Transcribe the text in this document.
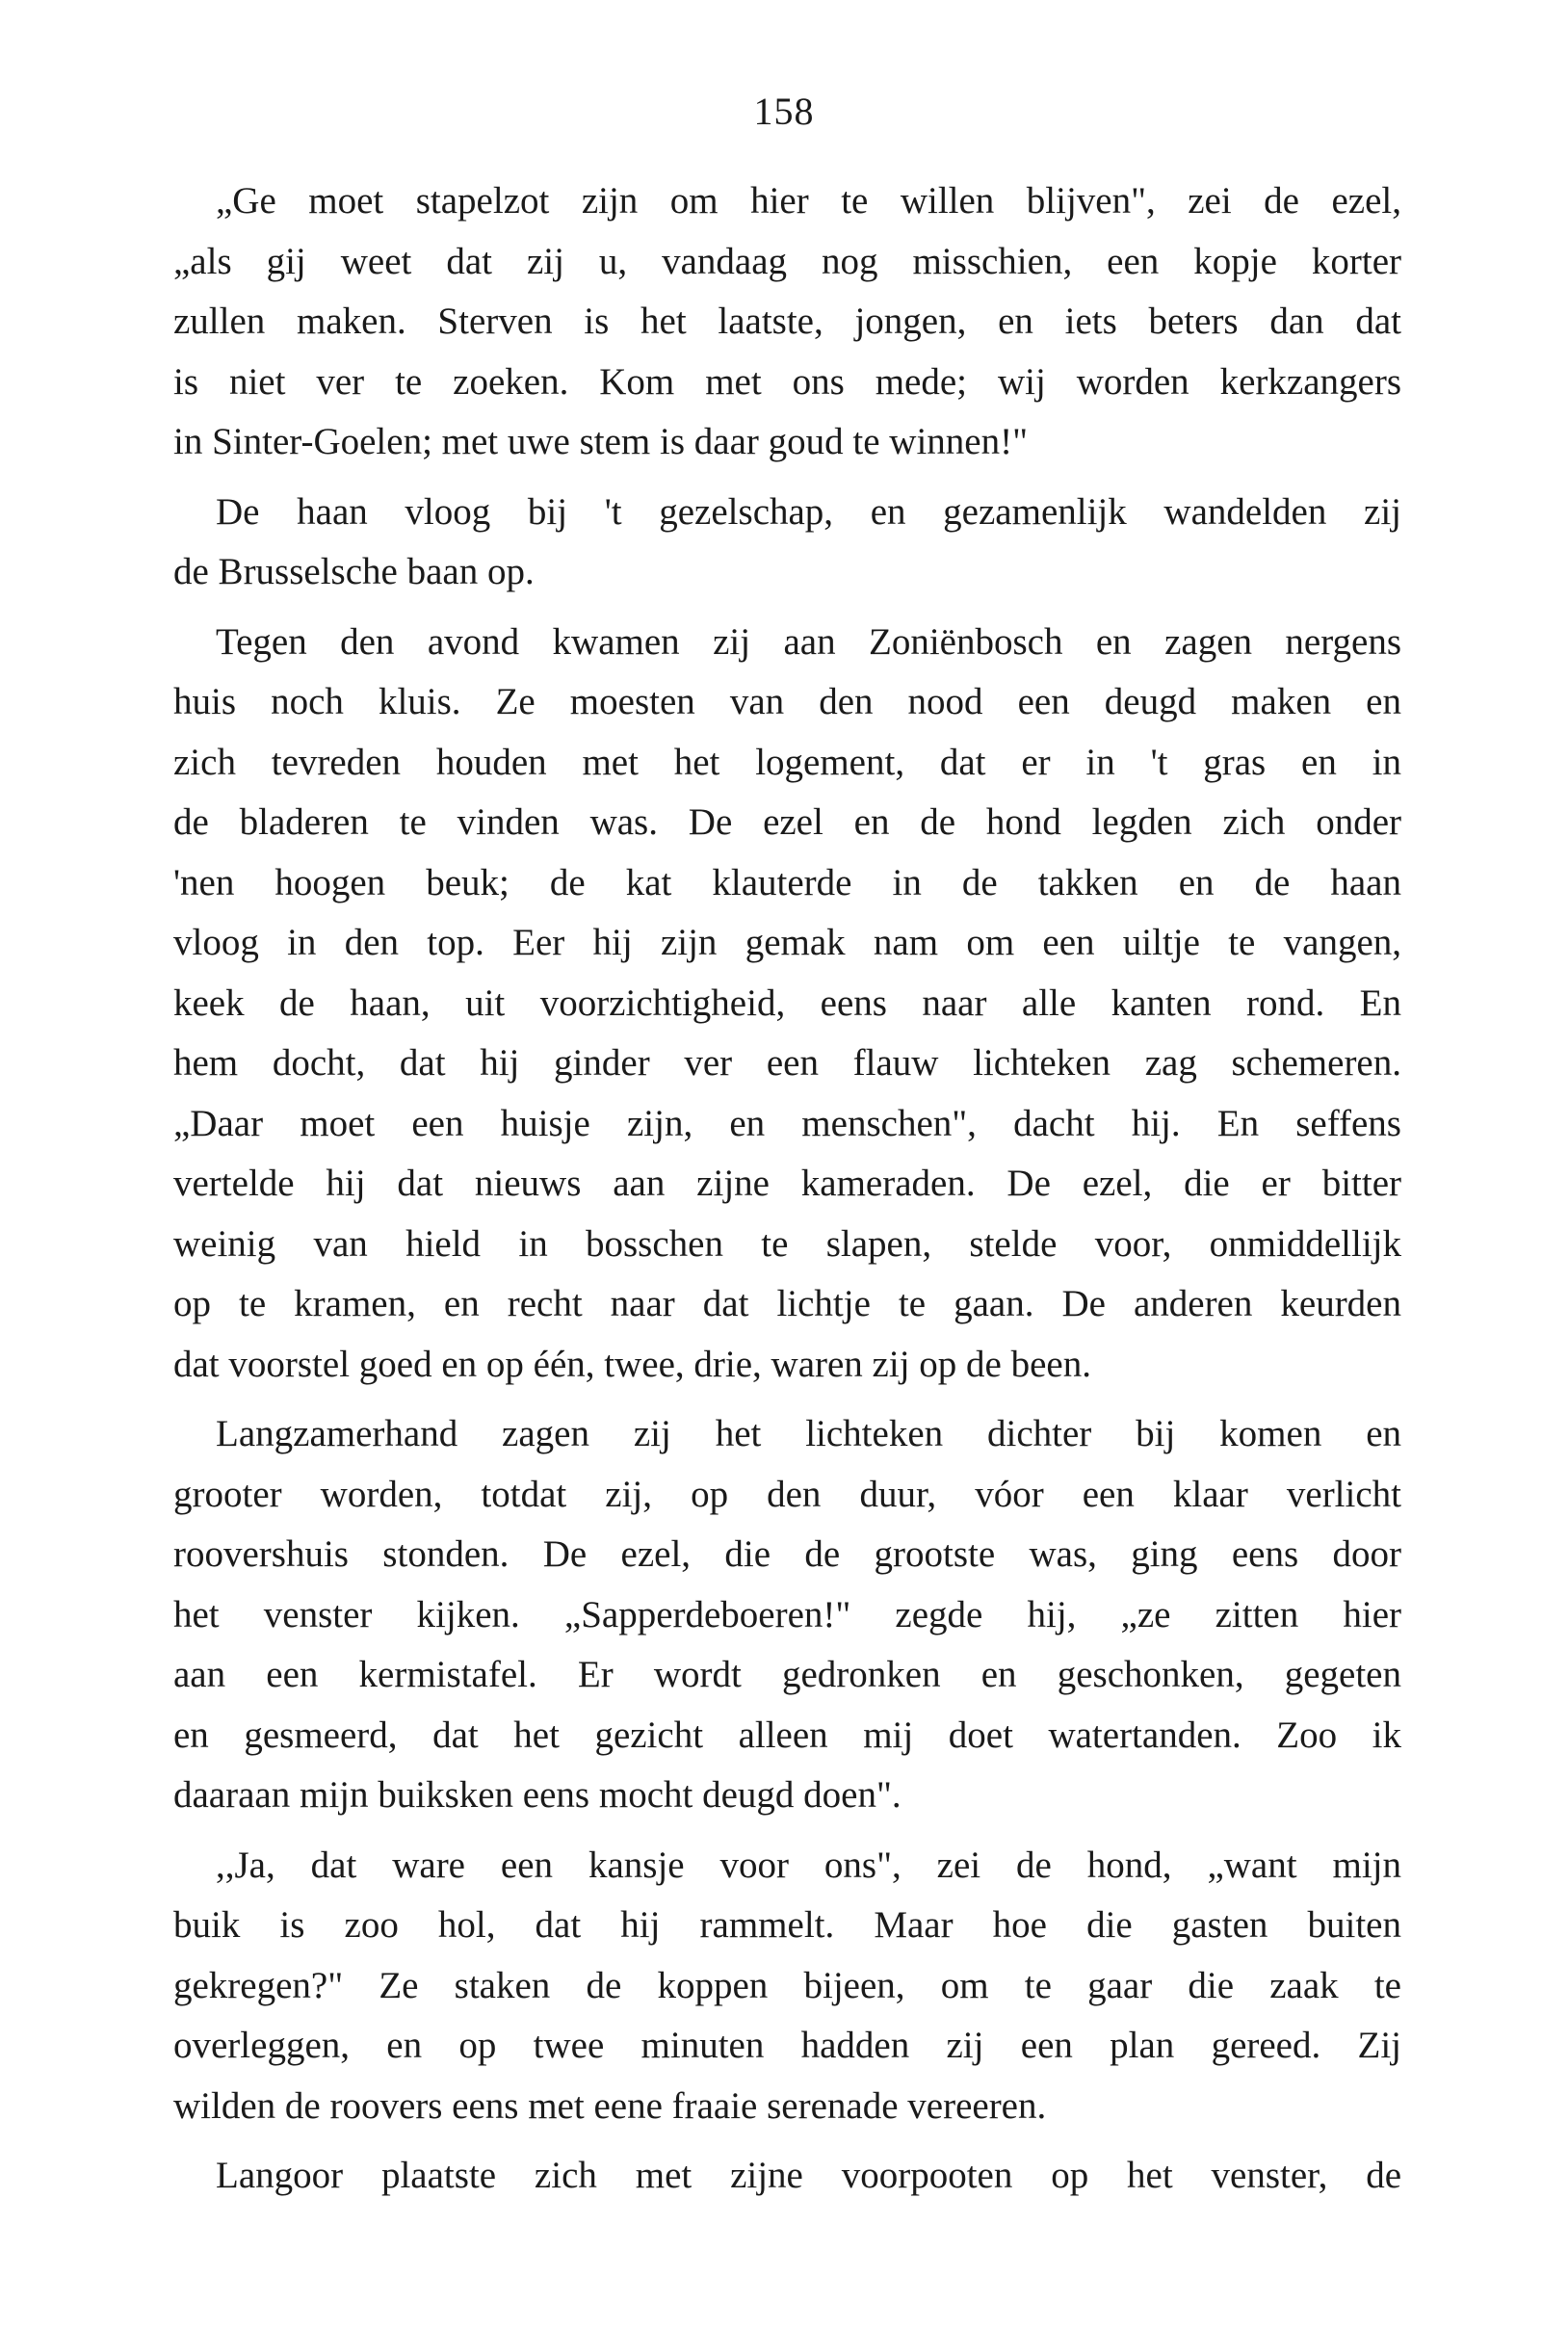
158
„Ge moet stapelzot zijn om hier te willen blijven", zei de ezel,
„als gij weet dat zij u, vandaag nog misschien, een kopje korter
zullen maken. Sterven is het laatste, jongen, en iets beters dan dat
is niet ver te zoeken. Kom met ons mede; wij worden kerkzangers
in Sinter-Goelen; met uwe stem is daar goud te winnen!"
De haan vloog bij 't gezelschap, en gezamenlijk wandelden zij
de Brusselsche baan op.
Tegen den avond kwamen zij aan Zoniënbosch en zagen nergens
huis noch kluis. Ze moesten van den nood een deugd maken en
zich tevreden houden met het logement, dat er in 't gras en in
de bladeren te vinden was. De ezel en de hond legden zich onder
'nen hoogen beuk; de kat klauterde in de takken en de haan
vloog in den top. Eer hij zijn gemak nam om een uiltje te vangen,
keek de haan, uit voorzichtigheid, eens naar alle kanten rond. En
hem docht, dat hij ginder ver een flauw lichteken zag schemeren.
„Daar moet een huisje zijn, en menschen", dacht hij. En seffens
vertelde hij dat nieuws aan zijne kameraden. De ezel, die er bitter
weinig van hield in bosschen te slapen, stelde voor, onmiddellijk
op te kramen, en recht naar dat lichtje te gaan. De anderen keurden
dat voorstel goed en op één, twee, drie, waren zij op de been.
Langzamerhand zagen zij het lichteken dichter bij komen en
grooter worden, totdat zij, op den duur, vóor een klaar verlicht
roovershuis stonden. De ezel, die de grootste was, ging eens door
het venster kijken. „Sapperdeboeren!" zegde hij, „ze zitten hier
aan een kermistafel. Er wordt gedronken en geschonken, gegeten
en gesmeerd, dat het gezicht alleen mij doet watertanden. Zoo ik
daaraan mijn buiksken eens mocht deugd doen".
,,Ja, dat ware een kansje voor ons", zei de hond, „want mijn
buik is zoo hol, dat hij rammelt. Maar hoe die gasten buiten
gekregen?" Ze staken de koppen bijeen, om te gaar die zaak te
overleggen, en op twee minuten hadden zij een plan gereed. Zij
wilden de roovers eens met eene fraaie serenade vereeren.
Langoor plaatste zich met zijne voorpooten op het venster, de
